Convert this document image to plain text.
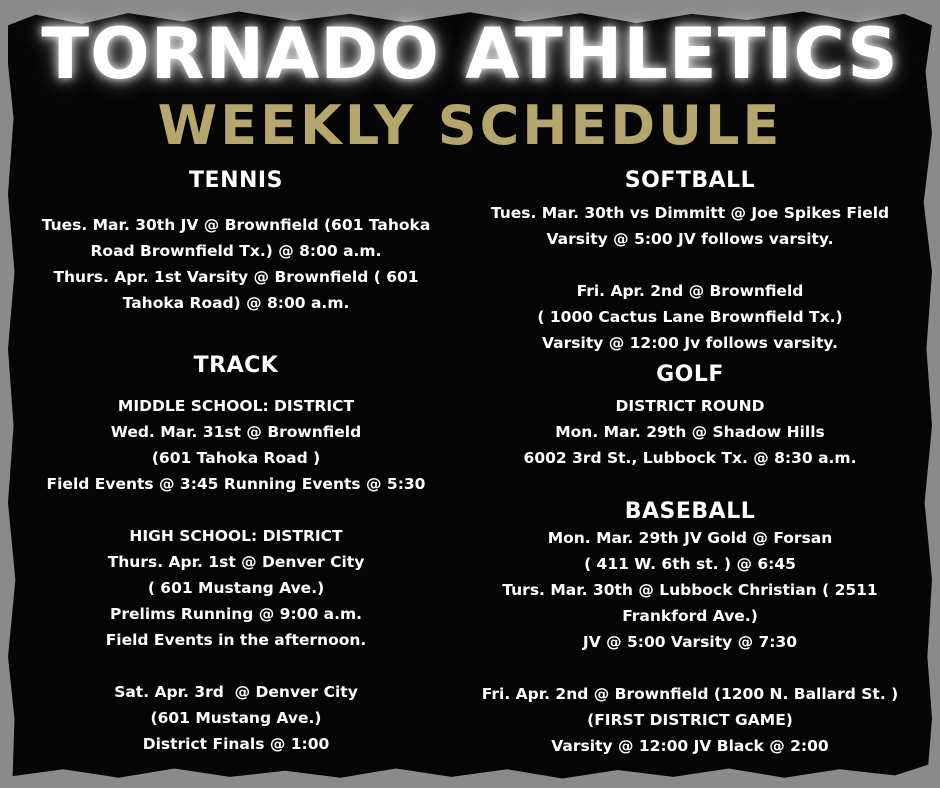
TORNADO ATHLETICS
WEEKLY SCHEDULE
TENNIS
Tues. Mar. 30th JV @ Brownfield (601 Tahoka
Road Brownfield Tx.) @ 8:00 a.m.
Thurs. Apr. 1st Varsity @ Brownfield ( 601
Tahoka Road) @ 8:00 a.m.
TRACK
MIDDLE SCHOOL: DISTRICT
Wed. Mar. 31st @ Brownfield
(601 Tahoka Road )
Field Events @ 3:45 Running Events @ 5:30

HIGH SCHOOL: DISTRICT
Thurs. Apr. 1st @ Denver City
( 601 Mustang Ave.)
Prelims Running @ 9:00 a.m.
Field Events in the afternoon.

Sat. Apr. 3rd  @ Denver City
(601 Mustang Ave.)
District Finals @ 1:00
SOFTBALL
Tues. Mar. 30th vs Dimmitt @ Joe Spikes Field
Varsity @ 5:00 JV follows varsity.

Fri. Apr. 2nd @ Brownfield
( 1000 Cactus Lane Brownfield Tx.)
Varsity @ 12:00 Jv follows varsity.
GOLF
DISTRICT ROUND
Mon. Mar. 29th @ Shadow Hills
6002 3rd St., Lubbock Tx. @ 8:30 a.m.
BASEBALL
Mon. Mar. 29th JV Gold @ Forsan
( 411 W. 6th st. ) @ 6:45
Turs. Mar. 30th @ Lubbock Christian ( 2511
Frankford Ave.)
JV @ 5:00 Varsity @ 7:30

Fri. Apr. 2nd @ Brownfield (1200 N. Ballard St. )
(FIRST DISTRICT GAME)
Varsity @ 12:00 JV Black @ 2:00
